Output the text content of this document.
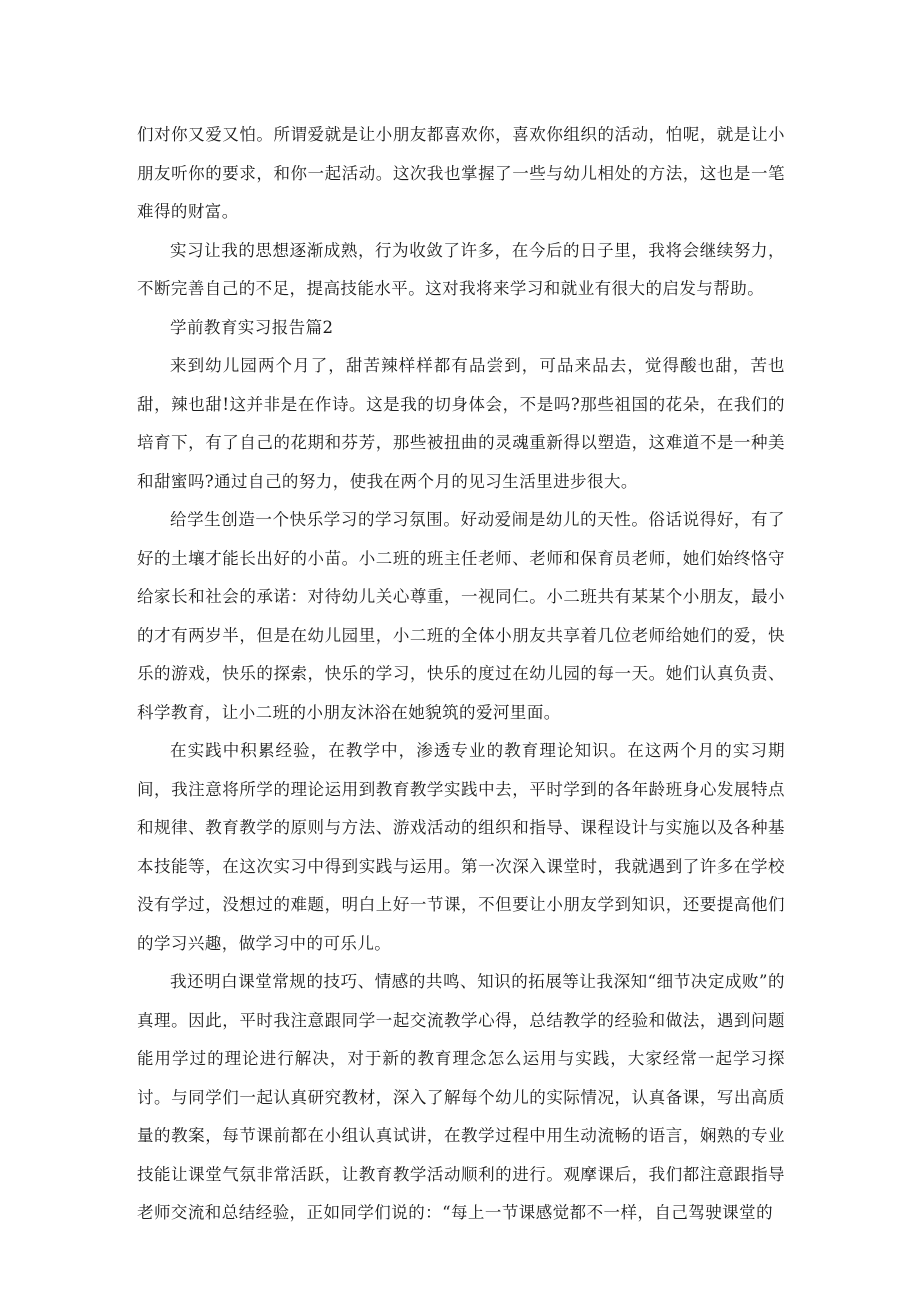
们对你又爱又怕。所谓爱就是让小朋友都喜欢你，喜欢你组织的活动，怕呢，就是让小朋友听你的要求，和你一起活动。这次我也掌握了一些与幼儿相处的方法，这也是一笔难得的财富。

实习让我的思想逐渐成熟，行为收敛了许多，在今后的日子里，我将会继续努力，不断完善自己的不足，提高技能水平。这对我将来学习和就业有很大的启发与帮助。

学前教育实习报告篇2

来到幼儿园两个月了，甜苦辣样样都有品尝到，可品来品去，觉得酸也甜，苦也甜，辣也甜!这并非是在作诗。这是我的切身体会，不是吗?那些祖国的花朵，在我们的培育下，有了自己的花期和芬芳，那些被扭曲的灵魂重新得以塑造，这难道不是一种美和甜蜜吗?通过自己的努力，使我在两个月的见习生活里进步很大。

给学生创造一个快乐学习的学习氛围。好动爱闹是幼儿的天性。俗话说得好，有了好的土壤才能长出好的小苗。小二班的班主任老师、老师和保育员老师，她们始终恪守给家长和社会的承诺：对待幼儿关心尊重，一视同仁。小二班共有某某个小朋友，最小的才有两岁半，但是在幼儿园里，小二班的全体小朋友共享着几位老师给她们的爱，快乐的游戏，快乐的探索，快乐的学习，快乐的度过在幼儿园的每一天。她们认真负责、科学教育，让小二班的小朋友沐浴在她貌筑的爱河里面。

在实践中积累经验，在教学中，渗透专业的教育理论知识。在这两个月的实习期间，我注意将所学的理论运用到教育教学实践中去，平时学到的各年龄班身心发展特点和规律、教育教学的原则与方法、游戏活动的组织和指导、课程设计与实施以及各种基本技能等，在这次实习中得到实践与运用。第一次深入课堂时，我就遇到了许多在学校没有学过，没想过的难题，明白上好一节课，不但要让小朋友学到知识，还要提高他们的学习兴趣，做学习中的可乐儿。

我还明白课堂常规的技巧、情感的共鸣、知识的拓展等让我深知“细节决定成败”的真理。因此，平时我注意跟同学一起交流教学心得，总结教学的经验和做法，遇到问题能用学过的理论进行解决，对于新的教育理念怎么运用与实践，大家经常一起学习探讨。与同学们一起认真研究教材，深入了解每个幼儿的实际情况，认真备课，写出高质量的教案，每节课前都在小组认真试讲，在教学过程中用生动流畅的语言，娴熟的专业技能让课堂气氛非常活跃，让教育教学活动顺利的进行。观摩课后，我们都注意跟指导老师交流和总结经验，正如同学们说的：“每上一节课感觉都不一样，自己驾驶课堂的
